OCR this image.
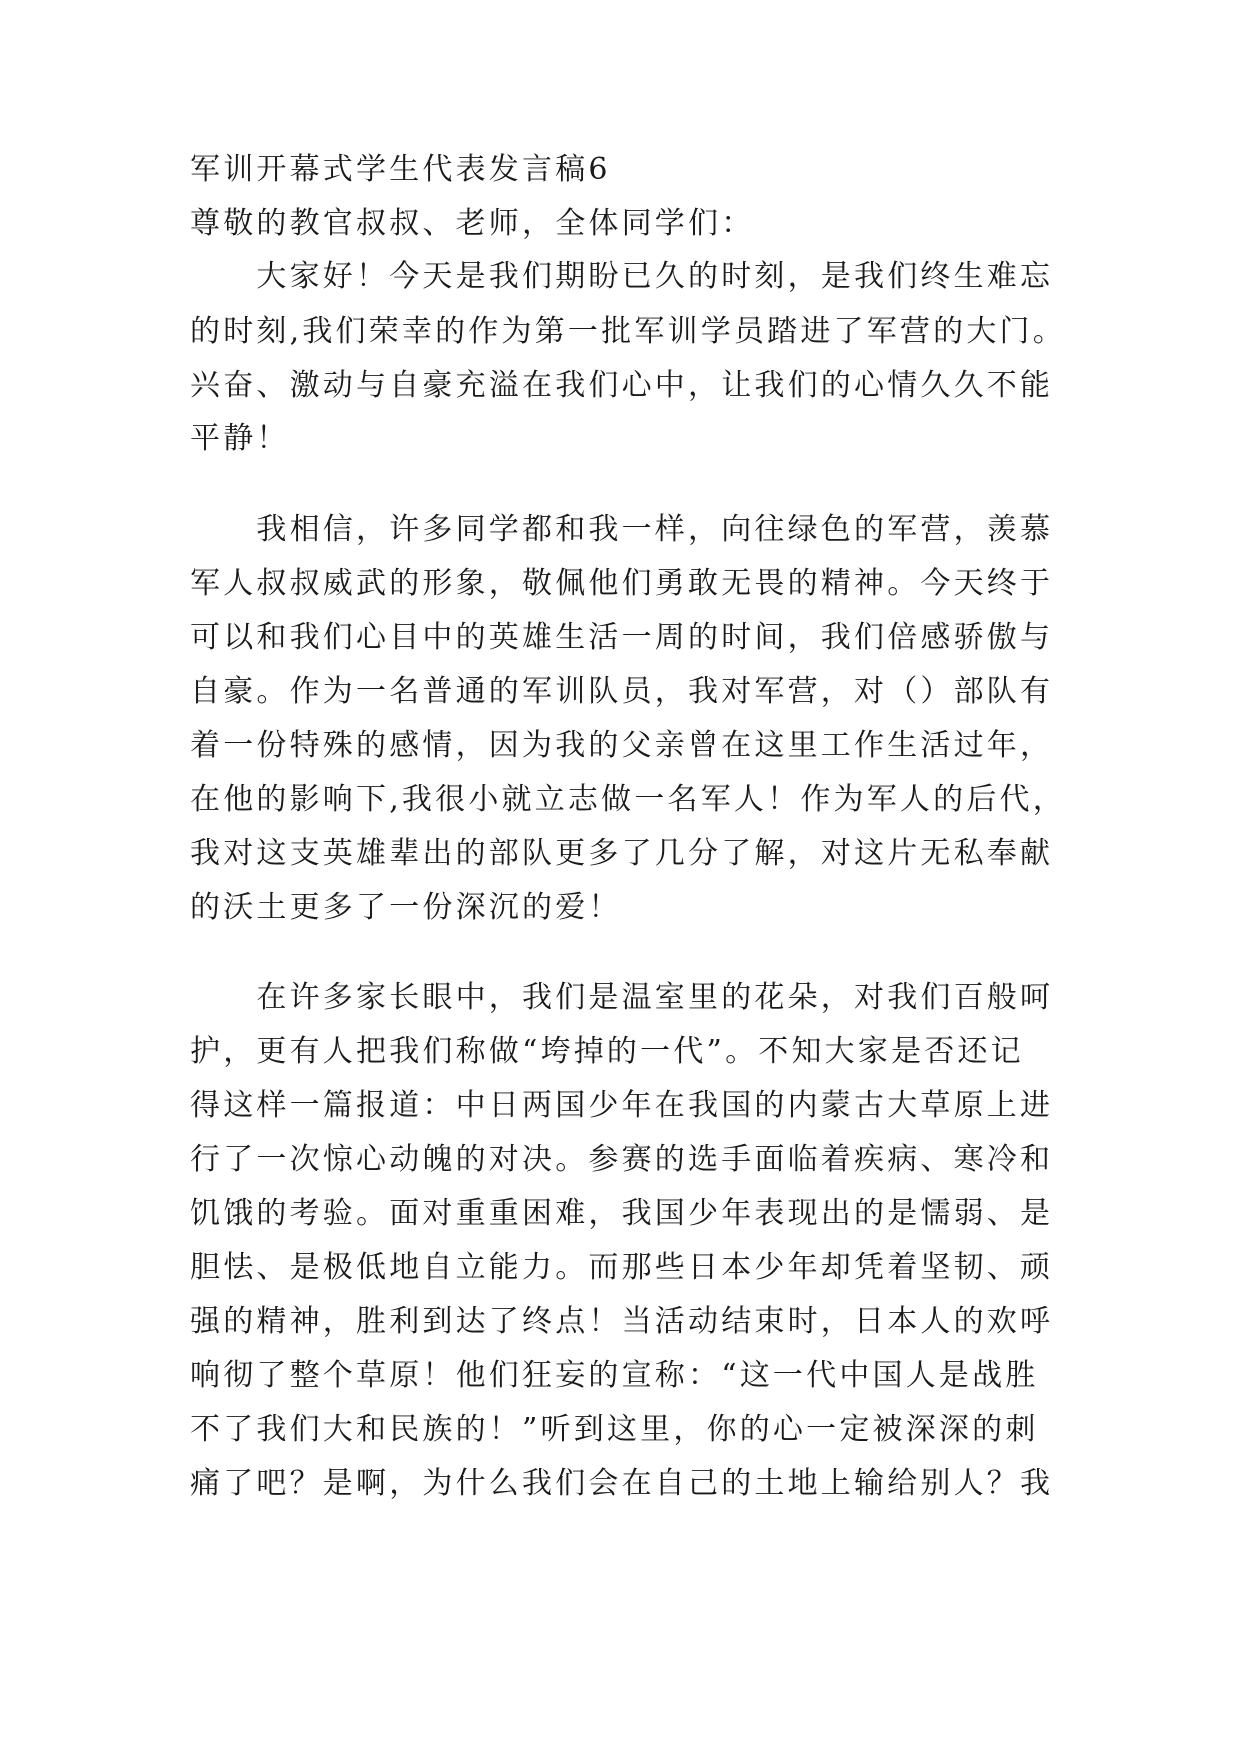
军训开幕式学生代表发言稿6

尊敬的教官叔叔、老师，全体同学们：

　　大家好！今天是我们期盼已久的时刻，是我们终生难忘

的时刻,我们荣幸的作为第一批军训学员踏进了军营的大门。

兴奋、激动与自豪充溢在我们心中，让我们的心情久久不能

平静！

　　我相信，许多同学都和我一样，向往绿色的军营，羡慕

军人叔叔威武的形象，敬佩他们勇敢无畏的精神。今天终于

可以和我们心目中的英雄生活一周的时间，我们倍感骄傲与

自豪。作为一名普通的军训队员，我对军营，对（）部队有

着一份特殊的感情，因为我的父亲曾在这里工作生活过年，

在他的影响下,我很小就立志做一名军人！作为军人的后代，

我对这支英雄辈出的部队更多了几分了解，对这片无私奉献

的沃土更多了一份深沉的爱！

　　在许多家长眼中，我们是温室里的花朵，对我们百般呵

护，更有人把我们称做“垮掉的一代”。不知大家是否还记

得这样一篇报道：中日两国少年在我国的内蒙古大草原上进

行了一次惊心动魄的对决。参赛的选手面临着疾病、寒冷和

饥饿的考验。面对重重困难，我国少年表现出的是懦弱、是

胆怯、是极低地自立能力。而那些日本少年却凭着坚韧、顽

强的精神，胜利到达了终点！当活动结束时，日本人的欢呼

响彻了整个草原！他们狂妄的宣称：“这一代中国人是战胜

不了我们大和民族的！”听到这里，你的心一定被深深的刺

痛了吧？是啊，为什么我们会在自己的土地上输给别人？我
